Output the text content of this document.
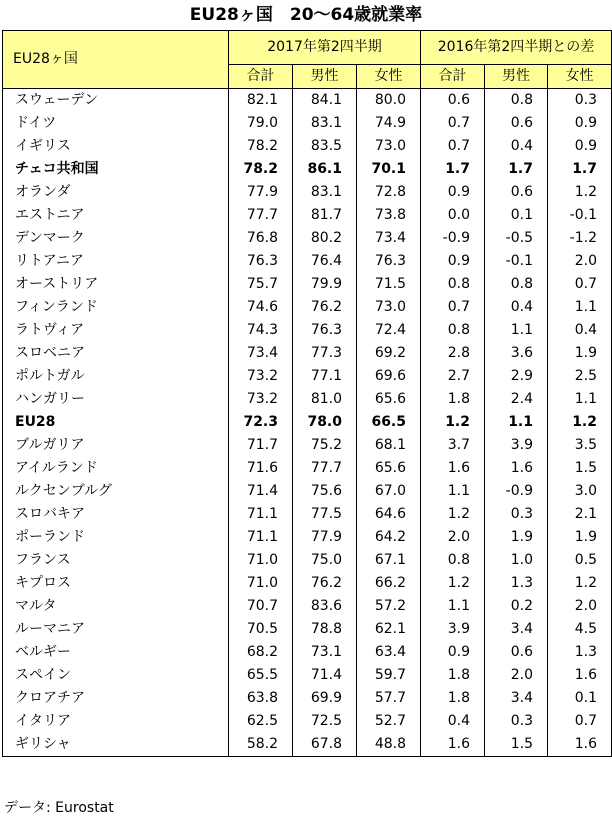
EU28ヶ国　20～64歳就業率
EU28ヶ国	2017年第2四半期			2016年第2四半期との差		
	合計	男性	女性	合計	男性	女性
スウェーデン	82.1	84.1	80.0	0.6	0.8	0.3
ドイツ	79.0	83.1	74.9	0.7	0.6	0.9
イギリス	78.2	83.5	73.0	0.7	0.4	0.9
チェコ共和国	78.2	86.1	70.1	1.7	1.7	1.7
オランダ	77.9	83.1	72.8	0.9	0.6	1.2
エストニア	77.7	81.7	73.8	0.0	0.1	-0.1
デンマーク	76.8	80.2	73.4	-0.9	-0.5	-1.2
リトアニア	76.3	76.4	76.3	0.9	-0.1	2.0
オーストリア	75.7	79.9	71.5	0.8	0.8	0.7
フィンランド	74.6	76.2	73.0	0.7	0.4	1.1
ラトヴィア	74.3	76.3	72.4	0.8	1.1	0.4
スロベニア	73.4	77.3	69.2	2.8	3.6	1.9
ポルトガル	73.2	77.1	69.6	2.7	2.9	2.5
ハンガリー	73.2	81.0	65.6	1.8	2.4	1.1
EU28	72.3	78.0	66.5	1.2	1.1	1.2
ブルガリア	71.7	75.2	68.1	3.7	3.9	3.5
アイルランド	71.6	77.7	65.6	1.6	1.6	1.5
ルクセンブルグ	71.4	75.6	67.0	1.1	-0.9	3.0
スロバキア	71.1	77.5	64.6	1.2	0.3	2.1
ポーランド	71.1	77.9	64.2	2.0	1.9	1.9
フランス	71.0	75.0	67.1	0.8	1.0	0.5
キプロス	71.0	76.2	66.2	1.2	1.3	1.2
マルタ	70.7	83.6	57.2	1.1	0.2	2.0
ルーマニア	70.5	78.8	62.1	3.9	3.4	4.5
ベルギー	68.2	73.1	63.4	0.9	0.6	1.3
スペイン	65.5	71.4	59.7	1.8	2.0	1.6
クロアチア	63.8	69.9	57.7	1.8	3.4	0.1
イタリア	62.5	72.5	52.7	0.4	0.3	0.7
ギリシャ	58.2	67.8	48.8	1.6	1.5	1.6
データ: Eurostat
